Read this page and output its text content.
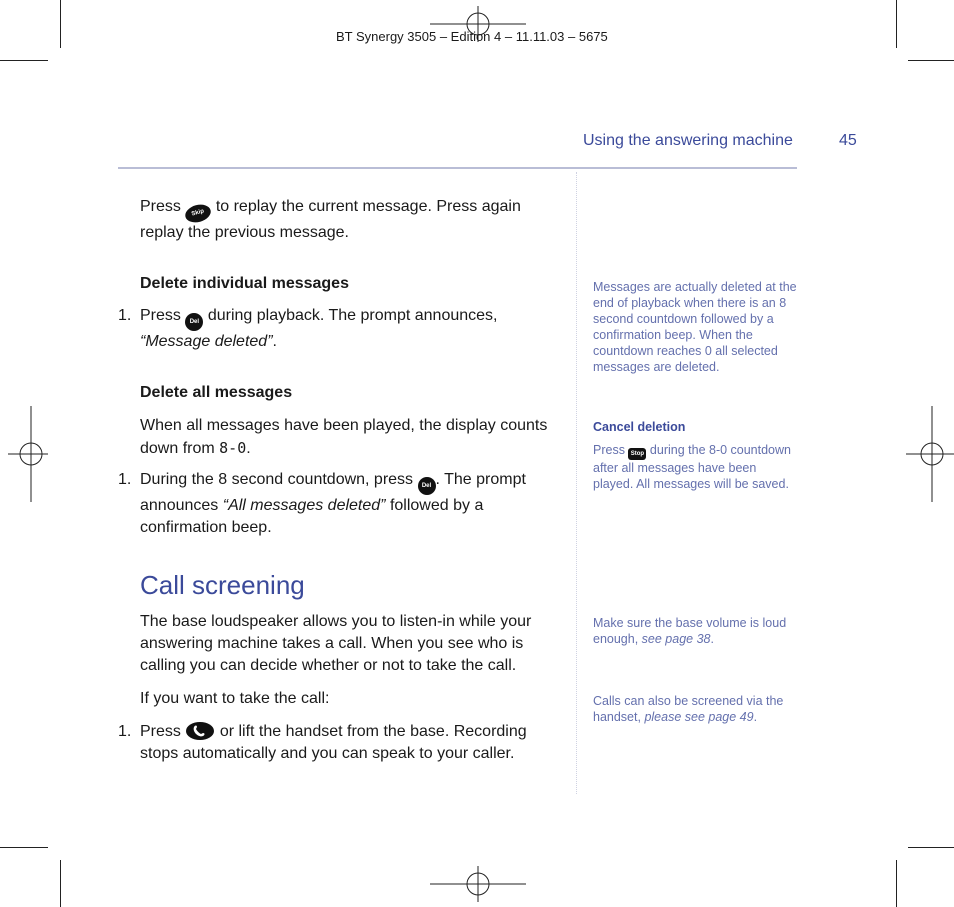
BT Synergy 3505 – Edition 4 – 11.11.03 – 5675
Using the answering machine	45

Press Skip to replay the current message. Press again

replay the previous message.

Delete individual messages
1. Press Del during playback. The prompt announces,

“Message deleted”.

Delete all messages

When all messages have been played, the display counts

down from 8-0.

1. During the 8 second countdown, press Del . The prompt

announces “All messages deleted” followed by a

confirmation beep.

Call screening

The base loudspeaker allows you to listen-in while your

answering machine takes a call. When you see who is

calling you can decide whether or not to take the call.

If you want to take the call:
1. Press or lift the handset from the base. Recording

stops automatically and you can speak to your caller.

Messages are actually deleted at the end of playback when there is an 8 second countdown followed by a confirmation beep. When the countdown reaches 0 all selected messages are deleted.
Cancel deletion
Press Stop during the 8-0 countdown after all messages have been played. All messages will be saved.
Make sure the base volume is loud enough, see page 38.
Calls can also be screened via the handset, please see page 49.
